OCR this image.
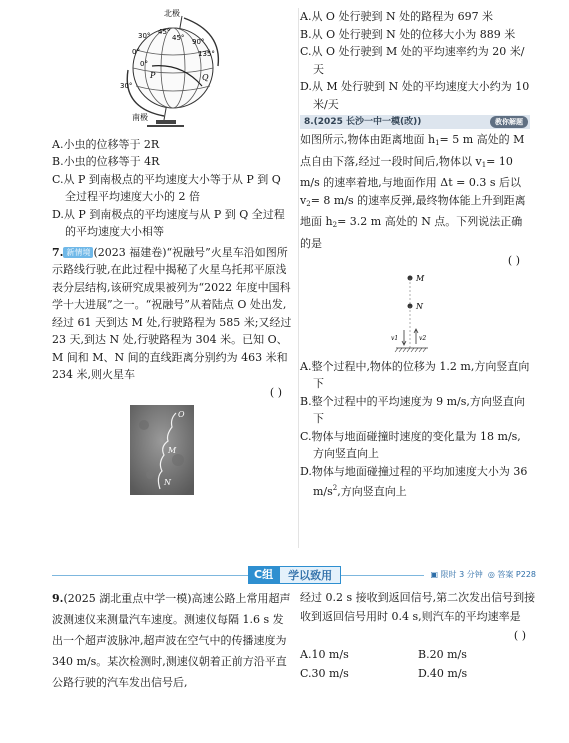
北极
30° 45°
90°
0°
45°
135°
0°
P	Q
30°
南极

A.小虫的位移等于 2R

B.小虫的位移等于 4R

C.从 P 到南极点的平均速度大小等于从 P 到 Q 全过程平均速度大小的 2 倍

D.从 P 到南极点的平均速度与从 P 到 Q 全过程的平均速度大小相等

7. 新情境 (2023 福建卷)“祝融号”火星车沿如图所示路线行驶,在此过程中揭秘了火星乌托邦平原浅表分层结构,该研究成果被列为“2022 年度中国科学十大进展”之一。“祝融号”从着陆点 O 处出发,经过 61 天到达 M 处,行驶路程为 585 米;又经过 23 天,到达 N 处,行驶路程为 304 米。已知 O、M 间和 M、N 间的直线距离分别约为 463 米和 234 米,则火星车

( )

O
M
N

A.从 O 处行驶到 N 处的路程为 697 米

B.从 O 处行驶到 N 处的位移大小为 889 米

C.从 O 处行驶到 M 处的平均速率约为 20 米/天

D.从 M 处行驶到 N 处的平均速度大小约为 10 米/天

8.(2025 长沙一中一模(改))	教你解题

如图所示,物体由距离地面 $h_1= 5$ m 高处的 M 点自由下落,经过一段时间后,物体以 $v_1= 10$ m/s 的速率着地,与地面作用 Δt = 0.3 s 后以 $v_2= 8$ m/s 的速率反弹,最终物体能上升到距离地面 $h_2= 3.2$ m 高处的 N 点。下列说法正确的是

( )

M
N
v1	v2

A.整个过程中,物体的位移为 1.2 m,方向竖直向下

B.整个过程中的平均速度为 9 m/s,方向竖直向下

C.物体与地面碰撞时速度的变化量为 18 m/s,方向竖直向上

D.物体与地面碰撞过程的平均加速度大小为 36 $m/s^2$,方向竖直向上

C组	学以致用	▣ 限时 3 分钟 ◎ 答案 P228

9.(2025 湖北重点中学一模)高速公路上常用超声波测速仪来测量汽车速度。测速仪每隔 1.6 s 发出一个超声波脉冲,超声波在空气中的传播速度为 340 m/s。某次检测时,测速仪朝着正前方沿平直公路行驶的汽车发出信号后,

经过 0.2 s 接收到返回信号,第二次发出信号到接收到返回信号用时 0.4 s,则汽车的平均速率是

( )

A.10 m/s	B.20 m/s
C.30 m/s	D.40 m/s
